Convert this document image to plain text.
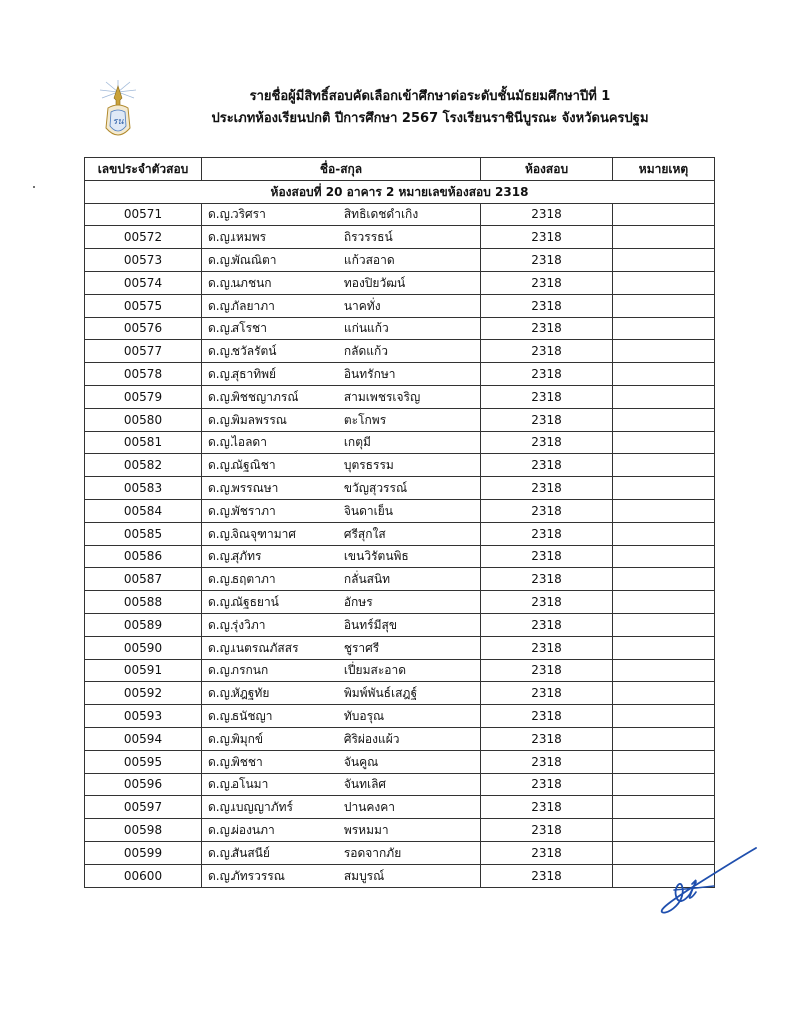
รน
รายชื่อผู้มีสิทธิ์สอบคัดเลือกเข้าศึกษาต่อระดับชั้นมัธยมศึกษาปีที่ 1
ประเภทห้องเรียนปกติ ปีการศึกษา 2567 โรงเรียนราชินีบูรณะ จังหวัดนครปฐม
เลขประจำตัวสอบ	ชื่อ-สกุล	ห้องสอบ	หมายเหตุ
ห้องสอบที่ 20 อาคาร 2 หมายเลขห้องสอบ 2318			
00571	ด.ญ. วริศรา สิทธิเดชดำเกิง	2318	
00572	ด.ญ. เหมพร ถิรวรรธน์	2318	
00573	ด.ญ. พัณณิตา แก้วสอาด	2318	
00574	ด.ญ. นภชนก ทองปิยวัฒน์	2318	
00575	ด.ญ. กัลยาภา นาคทั่ง	2318	
00576	ด.ญ. สโรชา แก่นแก้ว	2318	
00577	ด.ญ. ชวัลรัตน์ กลัดแก้ว	2318	
00578	ด.ญ. สุธาทิพย์ อินทรักษา	2318	
00579	ด.ญ. พิชชญาภรณ์ สามเพชรเจริญ	2318	
00580	ด.ญ. พิมลพรรณ ตะโกพร	2318	
00581	ด.ญ. ไอลดา เกตุมี	2318	
00582	ด.ญ. ณัฐณิชา บุตรธรรม	2318	
00583	ด.ญ. พรรณษา ขวัญสุวรรณ์	2318	
00584	ด.ญ. พัชราภา จินดาเย็น	2318	
00585	ด.ญ. จิณจุฑามาศ ศรีสุกใส	2318	
00586	ด.ญ. สุภัทร เขนวิรัตนพิธ	2318	
00587	ด.ญ. ธฤตาภา กลั่นสนิท	2318	
00588	ด.ญ. ณัฐธยาน์ อักษร	2318	
00589	ด.ญ. รุ่งวิภา อินทร์มีสุข	2318	
00590	ด.ญ. เนตรณภัสสร ชูราศรี	2318	
00591	ด.ญ. กรกนก เปี่ยมสะอาด	2318	
00592	ด.ญ. หัฎฐทัย พิมพ์พันธ์เสฎฐ์	2318	
00593	ด.ญ. ธนัชญา ทับอรุณ	2318	
00594	ด.ญ. พิมุกข์ ศิริผ่องแผ้ว	2318	
00595	ด.ญ. พิชชา จันคูณ	2318	
00596	ด.ญ. อโนมา จันทเลิศ	2318	
00597	ด.ญ. เบญญาภัทร์ ปานคงคา	2318	
00598	ด.ญ. ผ่องนภา พรหมมา	2318	
00599	ด.ญ. สันสนีย์ รอดจากภัย	2318	
00600	ด.ญ. ภัทรวรรณ สมบูรณ์	2318	
